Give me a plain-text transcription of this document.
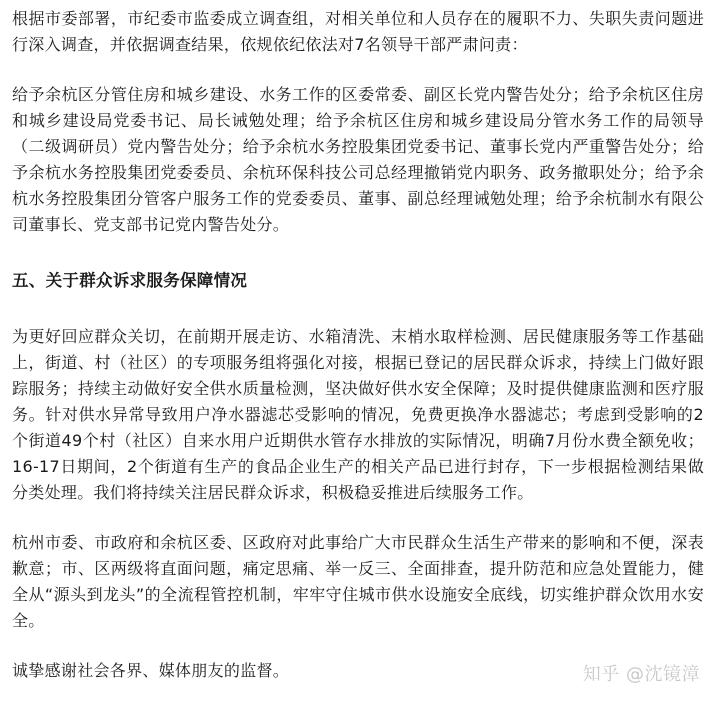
根据市委部署，市纪委市监委成立调查组，对相关单位和人员存在的履职不力、失职失责问题进行深入调查，并依据调查结果，依规依纪依法对7名领导干部严肃问责：

给予余杭区分管住房和城乡建设、水务工作的区委常委、副区长党内警告处分；给予余杭区住房和城乡建设局党委书记、局长诫勉处理；给予余杭区住房和城乡建设局分管水务工作的局领导（二级调研员）党内警告处分；给予余杭水务控股集团党委书记、董事长党内严重警告处分；给予余杭水务控股集团党委委员、余杭环保科技公司总经理撤销党内职务、政务撤职处分；给予余杭水务控股集团分管客户服务工作的党委委员、董事、副总经理诫勉处理；给予余杭制水有限公司董事长、党支部书记党内警告处分。

五、关于群众诉求服务保障情况

为更好回应群众关切，在前期开展走访、水箱清洗、末梢水取样检测、居民健康服务等工作基础上，街道、村（社区）的专项服务组将强化对接，根据已登记的居民群众诉求，持续上门做好跟踪服务；持续主动做好安全供水质量检测，坚决做好供水安全保障；及时提供健康监测和医疗服务。针对供水异常导致用户净水器滤芯受影响的情况，免费更换净水器滤芯；考虑到受影响的2个街道49个村（社区）自来水用户近期供水管存水排放的实际情况，明确7月份水费全额免收；16-17日期间，2个街道有生产的食品企业生产的相关产品已进行封存，下一步根据检测结果做分类处理。我们将持续关注居民群众诉求，积极稳妥推进后续服务工作。

杭州市委、市政府和余杭区委、区政府对此事给广大市民群众生活生产带来的影响和不便，深表歉意；市、区两级将直面问题，痛定思痛、举一反三、全面排查，提升防范和应急处置能力，健全从“源头到龙头”的全流程管控机制，牢牢守住城市供水设施安全底线，切实维护群众饮用水安全。

诚挚感谢社会各界、媒体朋友的监督。	知乎 @沈镜漳
